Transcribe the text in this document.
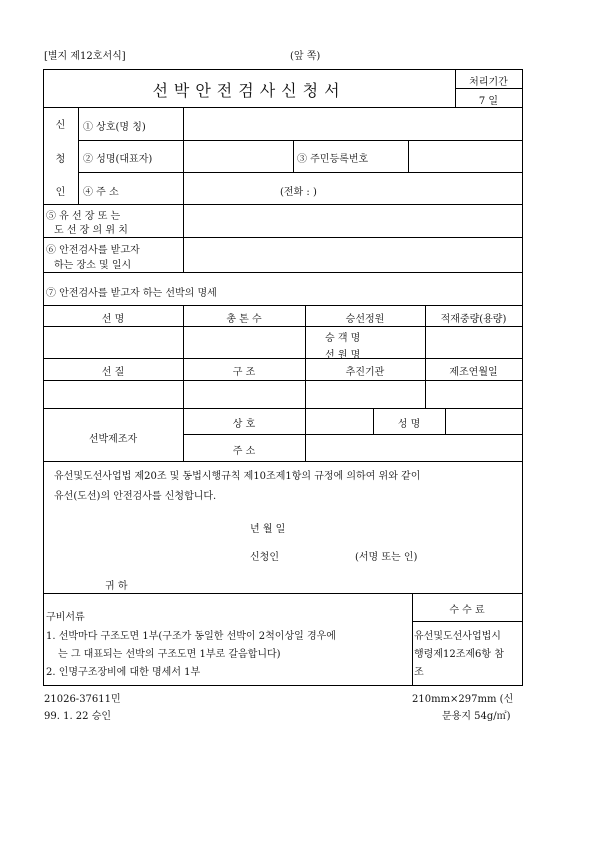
[별지 제12호서식]	(앞 쪽)
선박안전검사신청서	처리기간
7 일
신
청
인
① 상호(명 칭)
② 성명(대표자)	③ 주민등록번호
④ 주 소	(전화 : )
⑤ 유 선 장 또 는
도 선 장 의 위 치
⑥ 안전검사를 받고자
하는 장소 및 일시
⑦ 안전검사를 받고자 하는 선박의 명세
선 명	총 톤 수	승선정원	적재중량(용량)
승 객 명
선 원 명
선 질	구 조	추진기관	제조연월일
선박제조자
상 호	성 명
주 소
유선및도선사업법 제20조 및 동법시행규칙 제10조제1항의 규정에 의하여 위와 같이
유선(도선)의 안전검사를 신청합니다.
년 월 일
신청인	(서명 또는 인)
귀 하
구비서류
1. 선박마다 구조도면 1부(구조가 동일한 선박이 2척이상일 경우에
는 그 대표되는 선박의 구조도면 1부로 갈음합니다)
2. 인명구조장비에 대한 명세서 1부
수 수 료
유선및도선사업법시
행령제12조제6항 참
조
21026-37611민
99. 1. 22 승인
210mm×297mm (신
문용지 54g/㎡)
